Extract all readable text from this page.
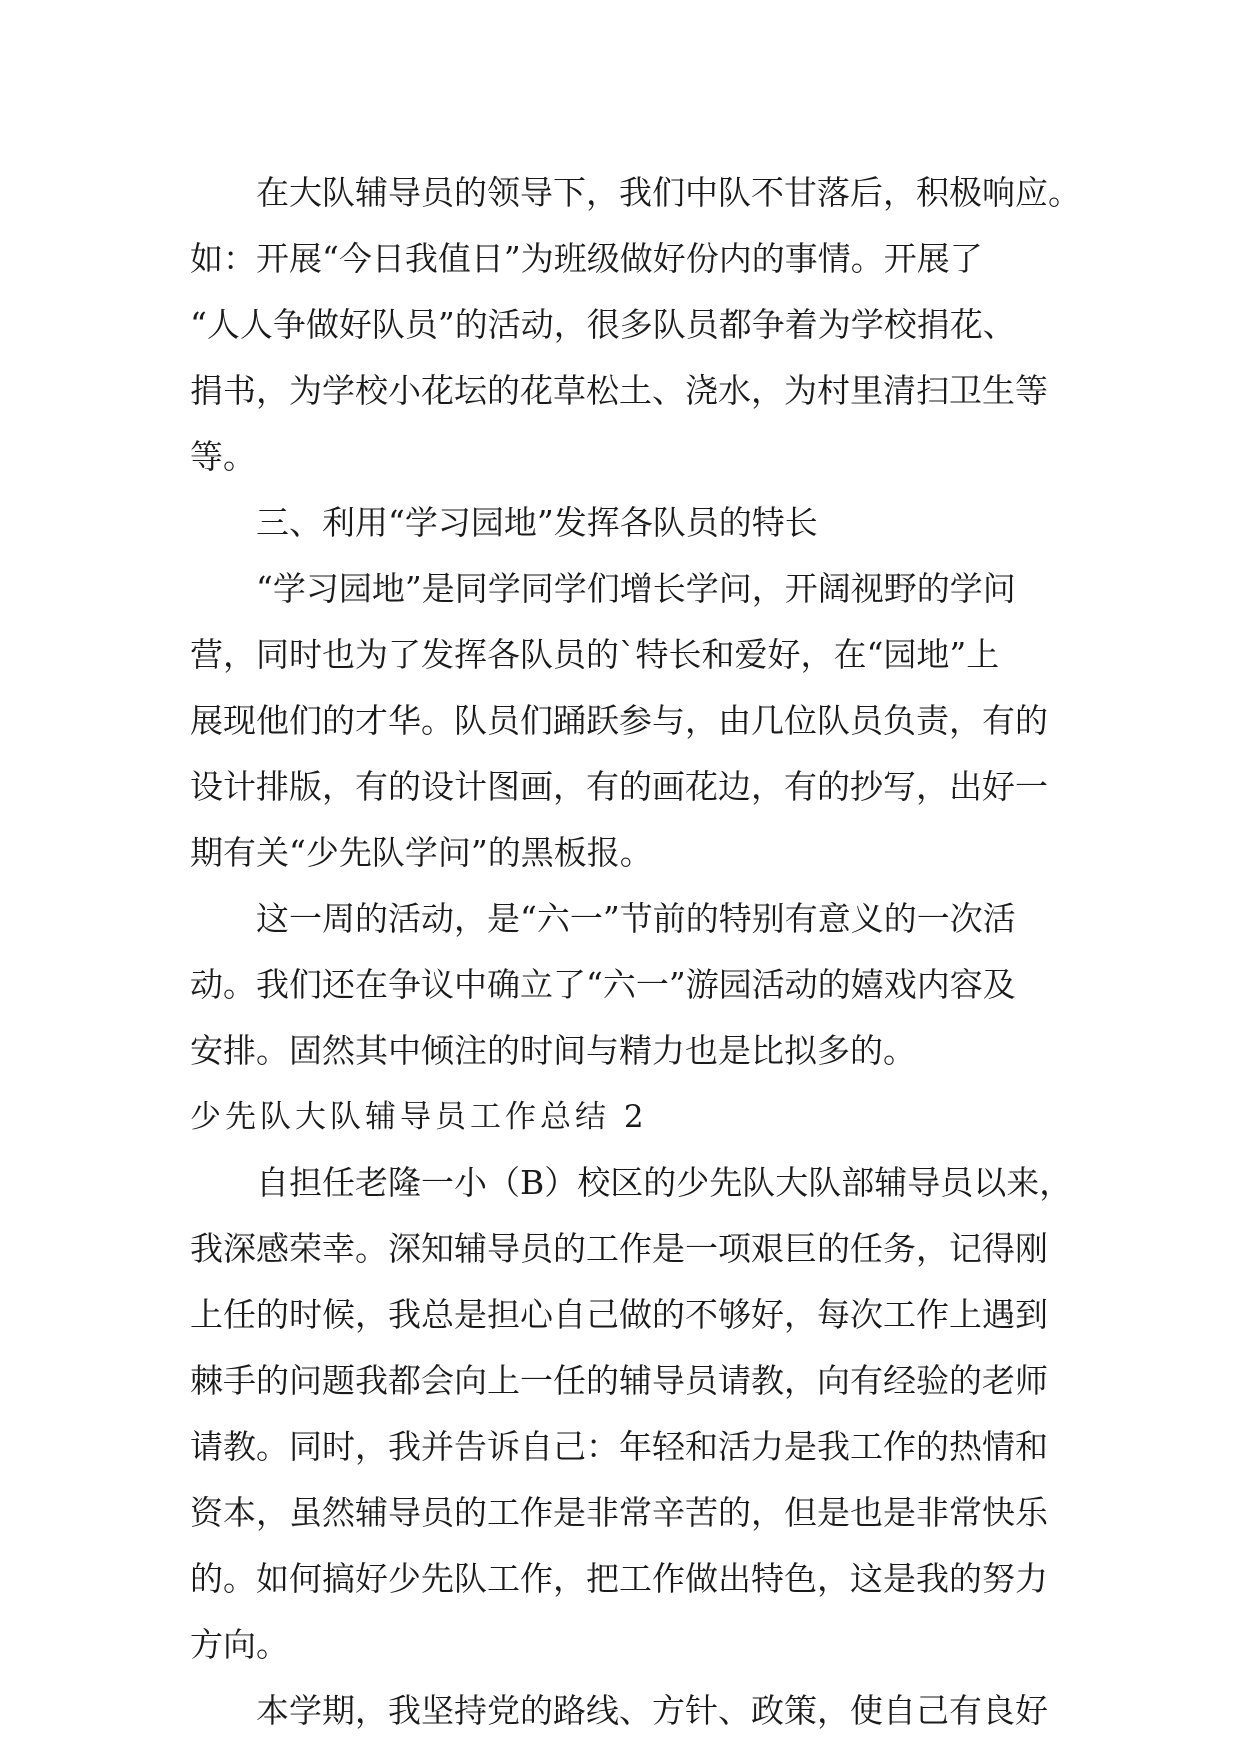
　　在大队辅导员的领导下，我们中队不甘落后，积极响应。

如：开展“今日我值日”为班级做好份内的事情。开展了

“人人争做好队员”的活动，很多队员都争着为学校捐花、

捐书，为学校小花坛的花草松土、浇水，为村里清扫卫生等

等。

　　三、利用“学习园地”发挥各队员的特长

　　“学习园地”是同学同学们增长学问，开阔视野的学问

营，同时也为了发挥各队员的`特长和爱好，在“园地”上

展现他们的才华。队员们踊跃参与，由几位队员负责，有的

设计排版，有的设计图画，有的画花边，有的抄写，出好一

期有关“少先队学问”的黑板报。

　　这一周的活动，是“六一”节前的特别有意义的一次活

动。我们还在争议中确立了“六一”游园活动的嬉戏内容及

安排。固然其中倾注的时间与精力也是比拟多的。

少先队大队辅导员工作总结 2

　　自担任老隆一小（B）校区的少先队大队部辅导员以来，

我深感荣幸。深知辅导员的工作是一项艰巨的任务，记得刚

上任的时候，我总是担心自己做的不够好，每次工作上遇到

棘手的问题我都会向上一任的辅导员请教，向有经验的老师

请教。同时，我并告诉自己：年轻和活力是我工作的热情和

资本，虽然辅导员的工作是非常辛苦的，但是也是非常快乐

的。如何搞好少先队工作，把工作做出特色，这是我的努力

方向。

　　本学期，我坚持党的路线、方针、政策，使自己有良好
